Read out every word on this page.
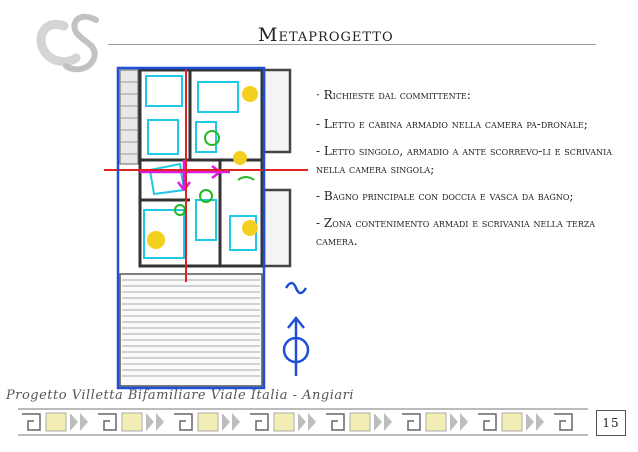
Metaprogetto

· Richieste dal committente:

- Letto e cabina armadio nella camera pa-dronale;

- Letto singolo, armadio a ante scorrevo-li e scrivania nella camera singola;

- Bagno principale con doccia e vasca da bagno;

- Zona contenimento armadi e scrivania nella terza camera.

Progetto Villetta Bifamiliare Viale Italia - Angiari

15
